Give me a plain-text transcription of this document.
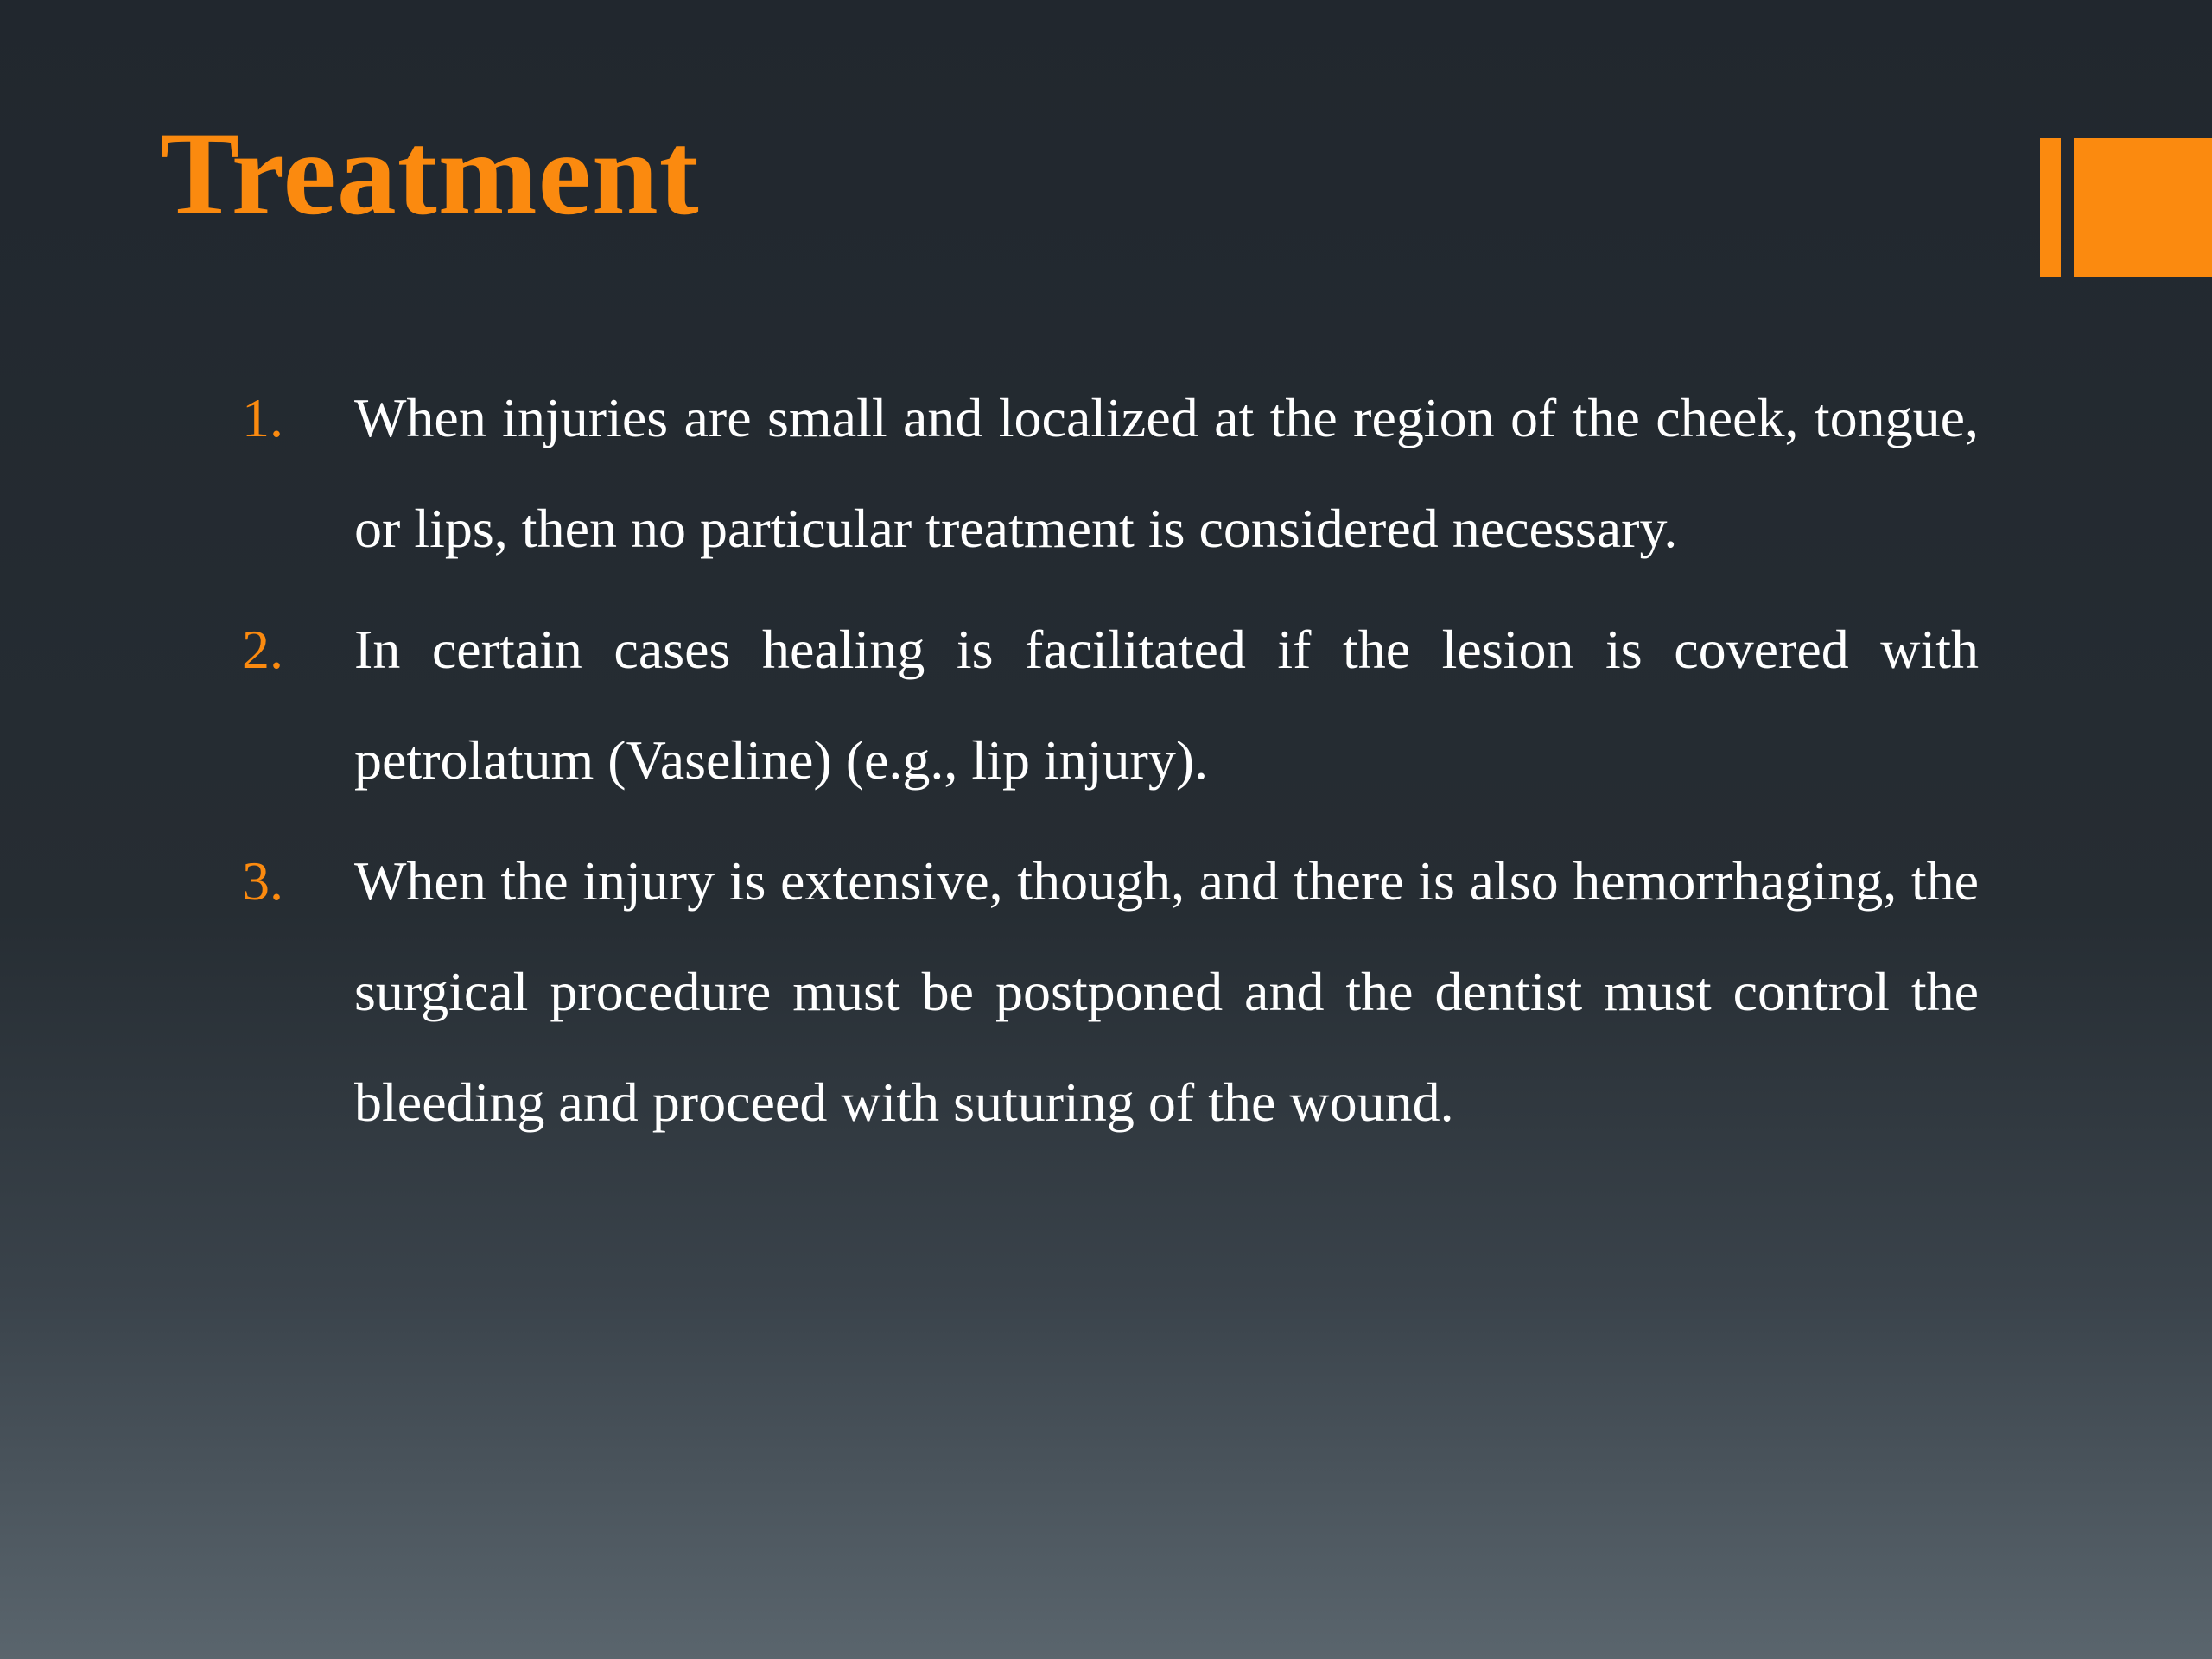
Treatment
1. When injuries are small and localized at the region of the cheek, tongue, or lips, then no particular treatment is considered necessary.
2. In certain cases healing is facilitated if the lesion is covered with petrolatum (Vaseline) (e.g., lip injury).
3. When the injury is extensive, though, and there is also hemorrhaging, the surgical procedure must be postponed and the dentist must control the bleeding and proceed with suturing of the wound.
